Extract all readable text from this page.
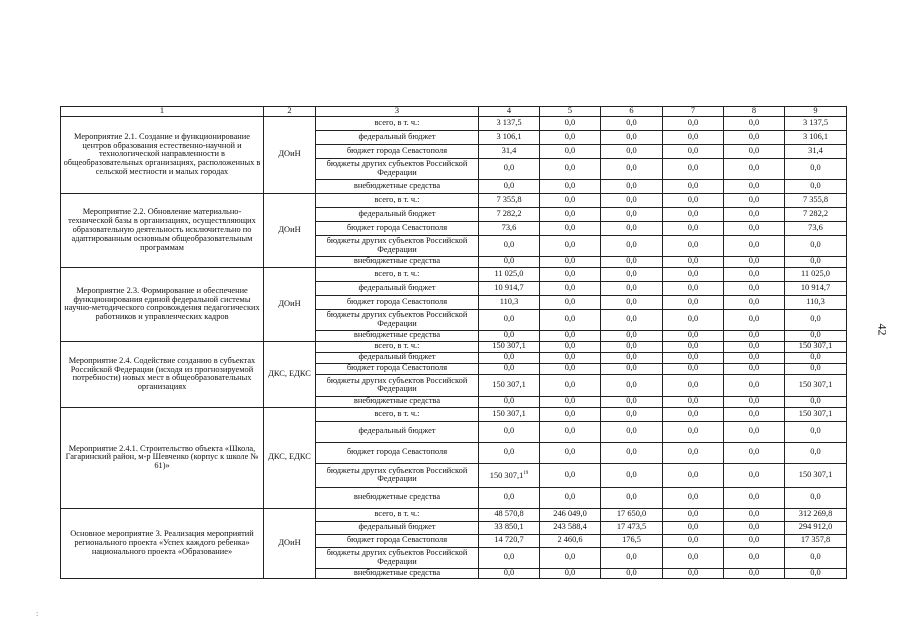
1	2	3	4	5	6	7	8	9
Мероприятие 2.1. Создание и функционирование центров образования естественно-научной и технологической направленности в общеобразовательных организациях, расположенных в сельской местности и малых городах	ДОиН	всего, в т. ч.:	3 137,5	0,0	0,0	0,0	0,0	3 137,5
		федеральный бюджет	3 106,1	0,0	0,0	0,0	0,0	3 106,1
		бюджет города Севастополя	31,4	0,0	0,0	0,0	0,0	31,4
		бюджеты других субъектов Российской Федерации	0,0	0,0	0,0	0,0	0,0	0,0
		внебюджетные средства	0,0	0,0	0,0	0,0	0,0	0,0
Мероприятие 2.2. Обновление материально-технической базы в организациях, осуществляющих образовательную деятельность исключительно по адаптированным основным общеобразовательным программам	ДОиН	всего, в т. ч.:	7 355,8	0,0	0,0	0,0	0,0	7 355,8
		федеральный бюджет	7 282,2	0,0	0,0	0,0	0,0	7 282,2
		бюджет города Севастополя	73,6	0,0	0,0	0,0	0,0	73,6
		бюджеты других субъектов Российской Федерации	0,0	0,0	0,0	0,0	0,0	0,0
		внебюджетные средства	0,0	0,0	0,0	0,0	0,0	0,0
Мероприятие 2.3. Формирование и обеспечение функционирования единой федеральной системы научно-методического сопровождения педагогических работников и управленческих кадров	ДОиН	всего, в т. ч.:	11 025,0	0,0	0,0	0,0	0,0	11 025,0
		федеральный бюджет	10 914,7	0,0	0,0	0,0	0,0	10 914,7
		бюджет города Севастополя	110,3	0,0	0,0	0,0	0,0	110,3
		бюджеты других субъектов Российской Федерации	0,0	0,0	0,0	0,0	0,0	0,0
		внебюджетные средства	0,0	0,0	0,0	0,0	0,0	0,0
Мероприятие 2.4. Содействие созданию в субъектах Российской Федерации (исходя из прогнозируемой потребности) новых мест в общеобразовательных организациях	ДКС, ЕДКС	всего, в т. ч.:	150 307,1	0,0	0,0	0,0	0,0	150 307,1
		федеральный бюджет	0,0	0,0	0,0	0,0	0,0	0,0
		бюджет города Севастополя	0,0	0,0	0,0	0,0	0,0	0,0
		бюджеты других субъектов Российской Федерации	150 307,1	0,0	0,0	0,0	0,0	150 307,1
		внебюджетные средства	0,0	0,0	0,0	0,0	0,0	0,0
Мероприятие 2.4.1. Строительство объекта «Школа, Гагаринский район, м-р Шевченко (корпус к школе № 61)»	ДКС, ЕДКС	всего, в т. ч.:	150 307,1	0,0	0,0	0,0	0,0	150 307,1
		федеральный бюджет	0,0	0,0	0,0	0,0	0,0	0,0
		бюджет города Севастополя	0,0	0,0	0,0	0,0	0,0	0,0
		бюджеты других субъектов Российской Федерации	150 307,1$^{19}$	0,0	0,0	0,0	0,0	150 307,1
		внебюджетные средства	0,0	0,0	0,0	0,0	0,0	0,0
Основное мероприятие 3. Реализация мероприятий регионального проекта «Успех каждого ребенка» национального проекта «Образование»	ДОиН	всего, в т. ч.:	48 570,8	246 049,0	17 650,0	0,0	0,0	312 269,8
		федеральный бюджет	33 850,1	243 588,4	17 473,5	0,0	0,0	294 912,0
		бюджет города Севастополя	14 720,7	2 460,6	176,5	0,0	0,0	17 357,8
		бюджеты других субъектов Российской Федерации	0,0	0,0	0,0	0,0	0,0	0,0
		внебюджетные средства	0,0	0,0	0,0	0,0	0,0	0,0
42
:
